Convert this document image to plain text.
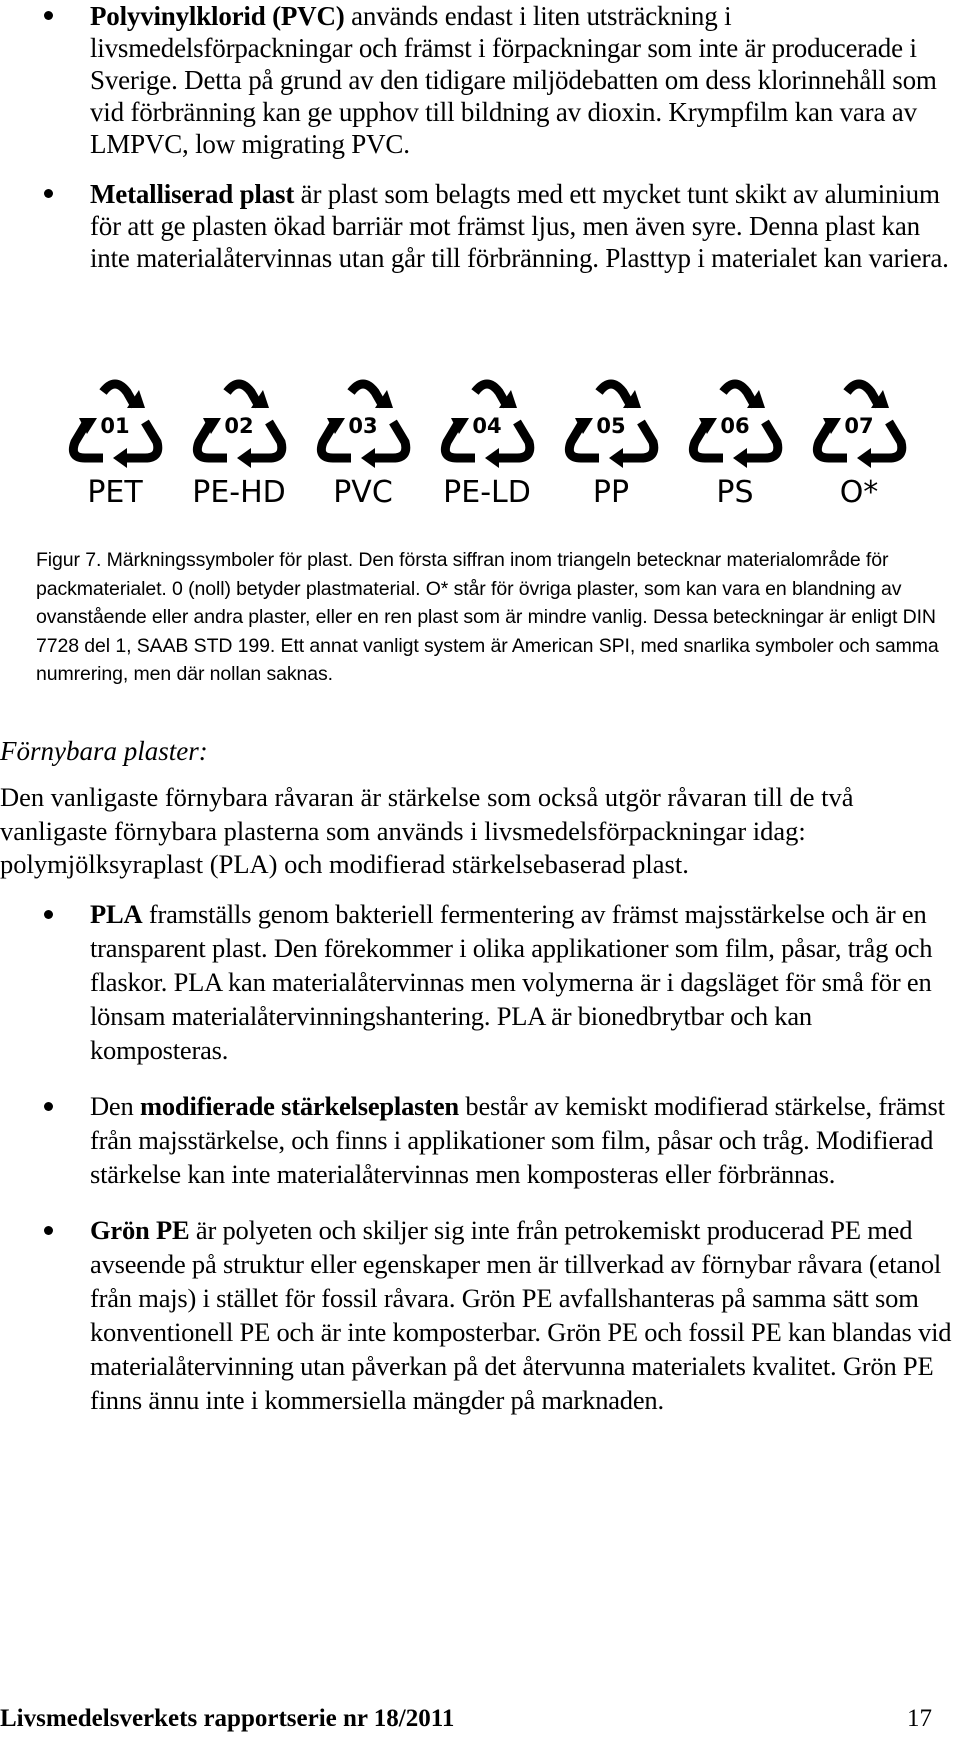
Polyvinylklorid (PVC) används endast i liten utsträckning i livsmedelsförpackningar och främst i förpackningar som inte är producerade i Sverige. Detta på grund av den tidigare miljödebatten om dess klorinnehåll som vid förbränning kan ge upphov till bildning av dioxin. Krympfilm kan vara av LMPVC, low migrating PVC.
Metalliserad plast är plast som belagts med ett mycket tunt skikt av aluminium för att ge plasten ökad barriär mot främst ljus, men även syre. Denna plast kan inte materialåtervinnas utan går till förbränning. Plasttyp i materialet kan variera.
01
PET
02
PE-HD
03
PVC
04
PE-LD
05
PP
06
PS
07
O*
Figur 7. Märkningssymboler för plast. Den första siffran inom triangeln betecknar materialområde för packmaterialet. 0 (noll) betyder plastmaterial. O* står för övriga plaster, som kan vara en blandning av ovanstående eller andra plaster, eller en ren plast som är mindre vanlig. Dessa beteckningar är enligt DIN 7728 del 1, SAAB STD 199. Ett annat vanligt system är American SPI, med snarlika symboler och samma numrering, men där nollan saknas.
Förnybara plaster:
Den vanligaste förnybara råvaran är stärkelse som också utgör råvaran till de två vanligaste förnybara plasterna som används i livsmedelsförpackningar idag: polymjölksyraplast (PLA) och modifierad stärkelsebaserad plast.
PLA framställs genom bakteriell fermentering av främst majsstärkelse och är en transparent plast. Den förekommer i olika applikationer som film, påsar, tråg och flaskor. PLA kan materialåtervinnas men volymerna är i dagsläget för små för en lönsam materialåtervinningshantering. PLA är bionedbrytbar och kan komposteras.
Den modifierade stärkelseplasten består av kemiskt modifierad stärkelse, främst från majsstärkelse, och finns i applikationer som film, påsar och tråg. Modifierad stärkelse kan inte materialåtervinnas men komposteras eller förbrännas.
Grön PE är polyeten och skiljer sig inte från petrokemiskt producerad PE med avseende på struktur eller egenskaper men är tillverkad av förnybar råvara (etanol från majs) i stället för fossil råvara. Grön PE avfallshanteras på samma sätt som konventionell PE och är inte komposterbar. Grön PE och fossil PE kan blandas vid materialåtervinning utan påverkan på det återvunna materialets kvalitet. Grön PE finns ännu inte i kommersiella mängder på marknaden.
Livsmedelsverkets rapportserie nr 18/2011	17
